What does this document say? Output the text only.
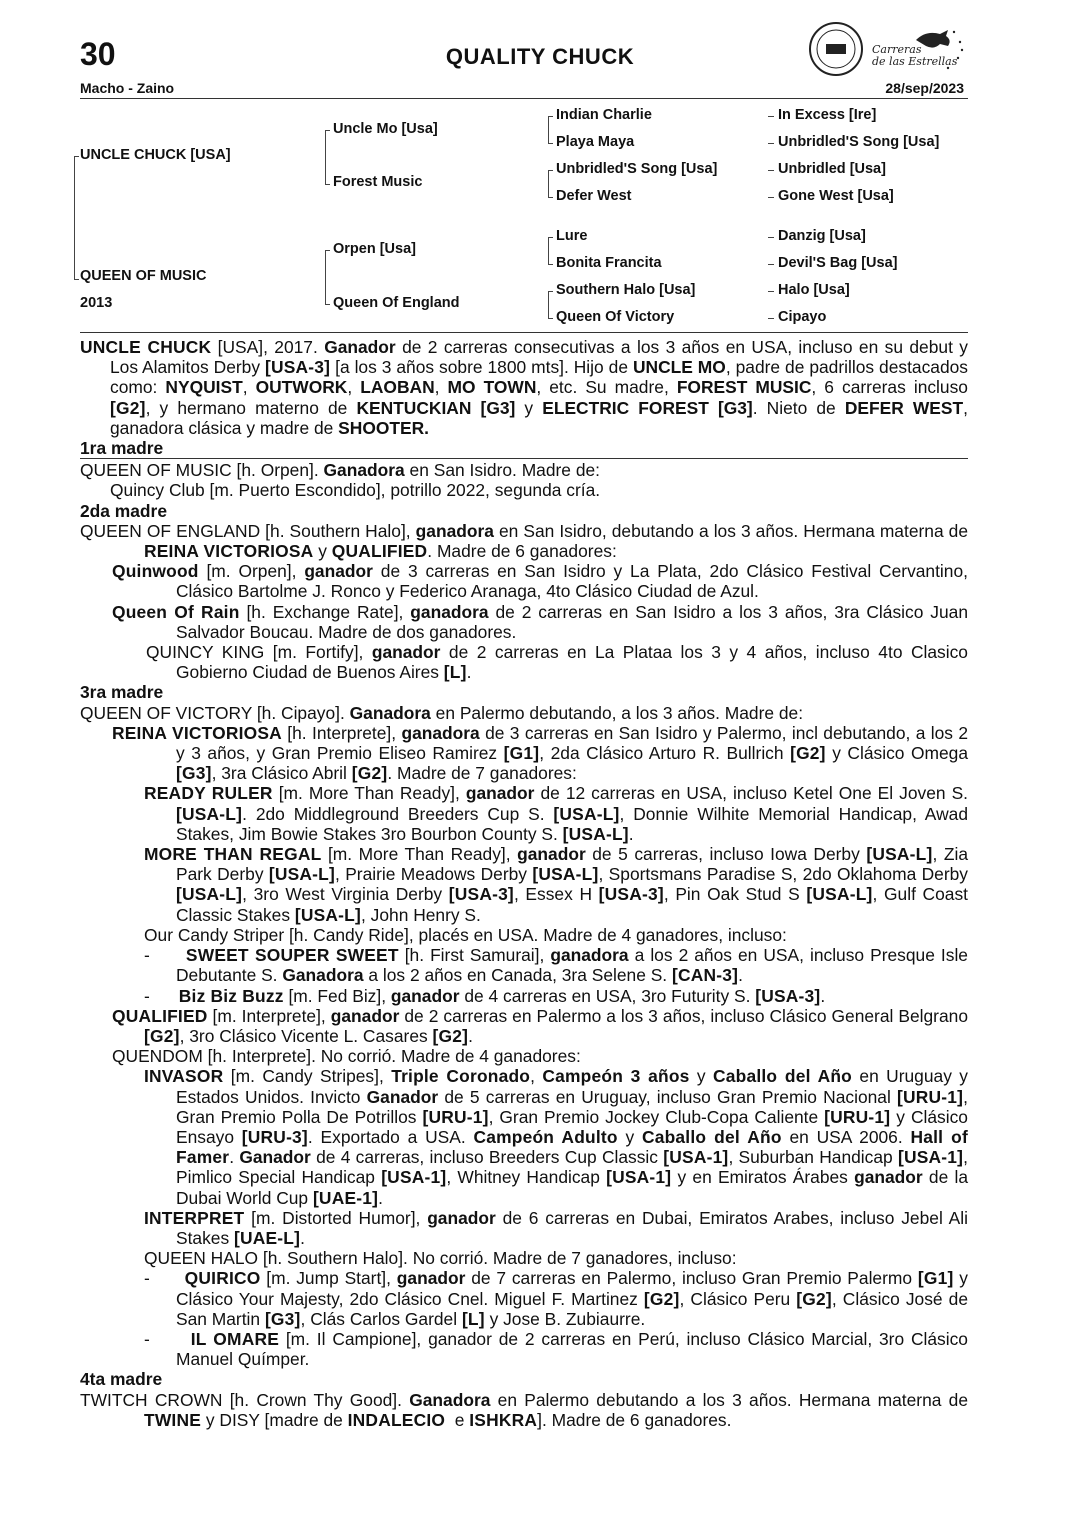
30	QUALITY CHUCK
Macho - Zaino	28/sep/2023
Carreras
de las Estrellas
UNCLE CHUCK [USA]
QUEEN OF MUSIC
2013
Uncle Mo [Usa]
Forest Music
Orpen [Usa]
Queen Of England
Indian Charlie
Playa Maya
Unbridled'S Song [Usa]
Defer West
Lure
Bonita Francita
Southern Halo [Usa]
Queen Of Victory
In Excess [Ire]
Unbridled'S Song [Usa]
Unbridled [Usa]
Gone West [Usa]
Danzig [Usa]
Devil'S Bag [Usa]
Halo [Usa]
Cipayo

UNCLE CHUCK [USA], 2017. Ganador de 2 carreras consecutivas a los 3 años en USA, incluso en su debut y Los Alamitos Derby [USA-3] [a los 3 años sobre 1800 mts]. Hijo de UNCLE MO, padre de padrillos destacados como: NYQUIST, OUTWORK, LAOBAN, MO TOWN, etc. Su madre, FOREST MUSIC, 6 carreras incluso [G2], y hermano materno de KENTUCKIAN [G3] y ELECTRIC FOREST [G3]. Nieto de DEFER WEST, ganadora clásica y madre de SHOOTER.

1ra madre

QUEEN OF MUSIC [h. Orpen]. Ganadora en San Isidro. Madre de:

Quincy Club [m. Puerto Escondido], potrillo 2022, segunda cría.

2da madre

QUEEN OF ENGLAND [h. Southern Halo], ganadora en San Isidro, debutando a los 3 años. Hermana materna de REINA VICTORIOSA y QUALIFIED. Madre de 6 ganadores:

Quinwood [m. Orpen], ganador de 3 carreras en San Isidro y La Plata, 2do Clásico Festival Cervantino, Clásico Bartolme J. Ronco y Federico Aranaga, 4to Clásico Ciudad de Azul.

Queen Of Rain [h. Exchange Rate], ganadora de 2 carreras en San Isidro a los 3 años, 3ra Clásico Juan Salvador Boucau. Madre de dos ganadores.

QUINCY KING [m. Fortify], ganador de 2 carreras en La Plataa los 3 y 4 años, incluso 4to Clasico Gobierno Ciudad de Buenos Aires [L].

3ra madre

QUEEN OF VICTORY [h. Cipayo]. Ganadora en Palermo debutando, a los 3 años. Madre de:

REINA VICTORIOSA [h. Interprete], ganadora de 3 carreras en San Isidro y Palermo, incl debutando, a los 2 y 3 años, y Gran Premio Eliseo Ramirez [G1], 2da Clásico Arturo R. Bullrich [G2] y Clásico Omega [G3], 3ra Clásico Abril [G2]. Madre de 7 ganadores:

READY RULER [m. More Than Ready], ganador de 12 carreras en USA, incluso Ketel One El Joven S. [USA-L]. 2do Middleground Breeders Cup S. [USA-L], Donnie Wilhite Memorial Handicap, Awad Stakes, Jim Bowie Stakes 3ro Bourbon County S. [USA-L].

MORE THAN REGAL [m. More Than Ready], ganador de 5 carreras, incluso Iowa Derby [USA-L], Zia Park Derby [USA-L], Prairie Meadows Derby [USA-L], Sportsmans Paradise S, 2do Oklahoma Derby [USA-L], 3ro West Virginia Derby [USA-3], Essex H [USA-3], Pin Oak Stud S [USA-L], Gulf Coast Classic Stakes [USA-L], John Henry S.

Our Candy Striper [h. Candy Ride], placés en USA. Madre de 4 ganadores, incluso:

-      SWEET SOUPER SWEET [h. First Samurai], ganadora a los 2 años en USA, incluso Presque Isle Debutante S. Ganadora a los 2 años en Canada, 3ra Selene S. [CAN-3].

-      Biz Biz Buzz [m. Fed Biz], ganador de 4 carreras en USA, 3ro Futurity S. [USA-3].

QUALIFIED [m. Interprete], ganador de 2 carreras en Palermo a los 3 años, incluso Clásico General Belgrano [G2], 3ro Clásico Vicente L. Casares [G2].

QUENDOM [h. Interprete]. No corrió. Madre de 4 ganadores:

INVASOR [m. Candy Stripes], Triple Coronado, Campeón 3 años y Caballo del Año en Uruguay y Estados Unidos. Invicto Ganador de 5 carreras en Uruguay, incluso Gran Premio Nacional [URU-1], Gran Premio Polla De Potrillos [URU-1], Gran Premio Jockey Club-Copa Caliente [URU-1] y Clásico Ensayo [URU-3]. Exportado a USA. Campeón Adulto y Caballo del Año en USA 2006. Hall of Famer. Ganador de 4 carreras, incluso Breeders Cup Classic [USA-1], Suburban Handicap [USA-1], Pimlico Special Handicap [USA-1], Whitney Handicap [USA-1] y en Emiratos Árabes ganador de la Dubai World Cup [UAE-1].

INTERPRET [m. Distorted Humor], ganador de 6 carreras en Dubai, Emiratos Arabes, incluso Jebel Ali Stakes [UAE-L].

QUEEN HALO [h. Southern Halo]. No corrió. Madre de 7 ganadores, incluso:

-      QUIRICO [m. Jump Start], ganador de 7 carreras en Palermo, incluso Gran Premio Palermo [G1] y Clásico Your Majesty, 2do Clásico Cnel. Miguel F. Martinez [G2], Clásico Peru [G2], Clásico José de San Martin [G3], Clás Carlos Gardel [L] y Jose B. Zubiaurre.

-      IL OMARE [m. Il Campione], ganador de 2 carreras en Perú, incluso Clásico Marcial, 3ro Clásico Manuel Químper.

4ta madre

TWITCH CROWN [h. Crown Thy Good]. Ganadora en Palermo debutando a los 3 años. Hermana materna de TWINE y DISY [madre de INDALECIO  e ISHKRA]. Madre de 6 ganadores.
